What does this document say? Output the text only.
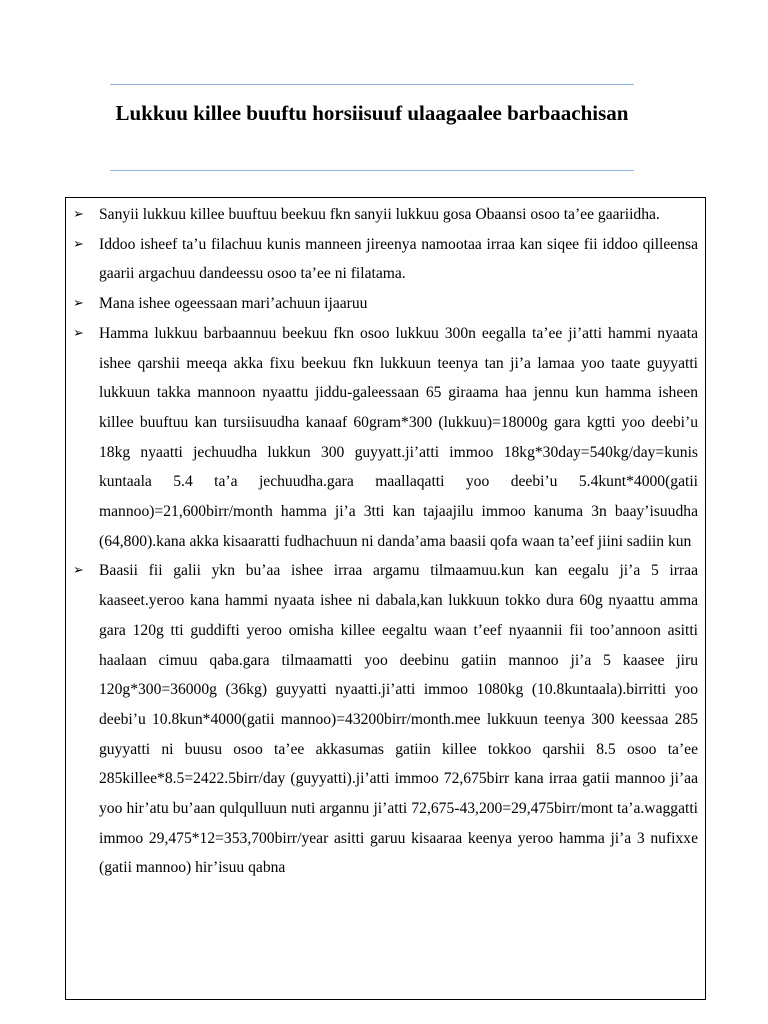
Lukkuu killee buuftu horsiisuuf ulaagaalee barbaachisan
➢ Sanyii lukkuu killee buuftuu beekuu fkn sanyii lukkuu gosa Obaansi osoo ta’ee gaariidha.
➢ Iddoo isheef ta’u filachuu kunis manneen jireenya namootaa irraa kan siqee fii iddoo qilleensa gaarii argachuu dandeessu osoo ta’ee ni filatama.
➢ Mana ishee ogeessaan mari’achuun ijaaruu
➢ Hamma lukkuu barbaannuu beekuu fkn osoo lukkuu 300n eegalla ta’ee ji’atti hammi nyaata ishee qarshii meeqa akka fixu beekuu fkn lukkuun teenya tan ji’a lamaa yoo taate guyyatti lukkuun takka mannoon nyaattu jiddu-galeessaan 65 giraama haa jennu kun hamma isheen killee buuftuu kan tursiisuudha kanaaf 60gram*300 (lukkuu)=18000g gara kgtti yoo deebi’u 18kg nyaatti jechuudha lukkun 300 guyyatt.ji’atti immoo 18kg*30day=540kg/day=kunis kuntaala 5.4 ta’a jechuudha.gara maallaqatti yoo deebi’u 5.4kunt*4000(gatii mannoo)=21,600birr/month hamma ji’a 3tti kan tajaajilu immoo kanuma 3n baay’isuudha (64,800).kana akka kisaaratti fudhachuun ni danda’ama baasii qofa waan ta’eef jiini sadiin kun
➢ Baasii fii galii ykn bu’aa ishee irraa argamu tilmaamuu.kun kan eegalu ji’a 5 irraa kaaseet.yeroo kana hammi nyaata ishee ni dabala,kan lukkuun tokko dura 60g nyaattu amma gara 120g tti guddifti yeroo omisha killee eegaltu waan t’eef nyaannii fii too’annoon asitti haalaan cimuu qaba.gara tilmaamatti yoo deebinu gatiin mannoo ji’a 5 kaasee jiru 120g*300=36000g (36kg) guyyatti nyaatti.ji’atti immoo 1080kg (10.8kuntaala).birritti yoo deebi’u 10.8kun*4000(gatii mannoo)=43200birr/month.mee lukkuun teenya 300 keessaa 285 guyyatti ni buusu osoo ta’ee akkasumas gatiin killee tokkoo qarshii 8.5 osoo ta’ee 285killee*8.5=2422.5birr/day (guyyatti).ji’atti immoo 72,675birr kana irraa gatii mannoo ji’aa yoo hir’atu bu’aan qulqulluun nuti argannu ji’atti 72,675-43,200=29,475birr/mont ta’a.waggatti immoo 29,475*12=353,700birr/year asitti garuu kisaaraa keenya yeroo hamma ji’a 3 nufixxe (gatii mannoo) hir’isuu qabna
